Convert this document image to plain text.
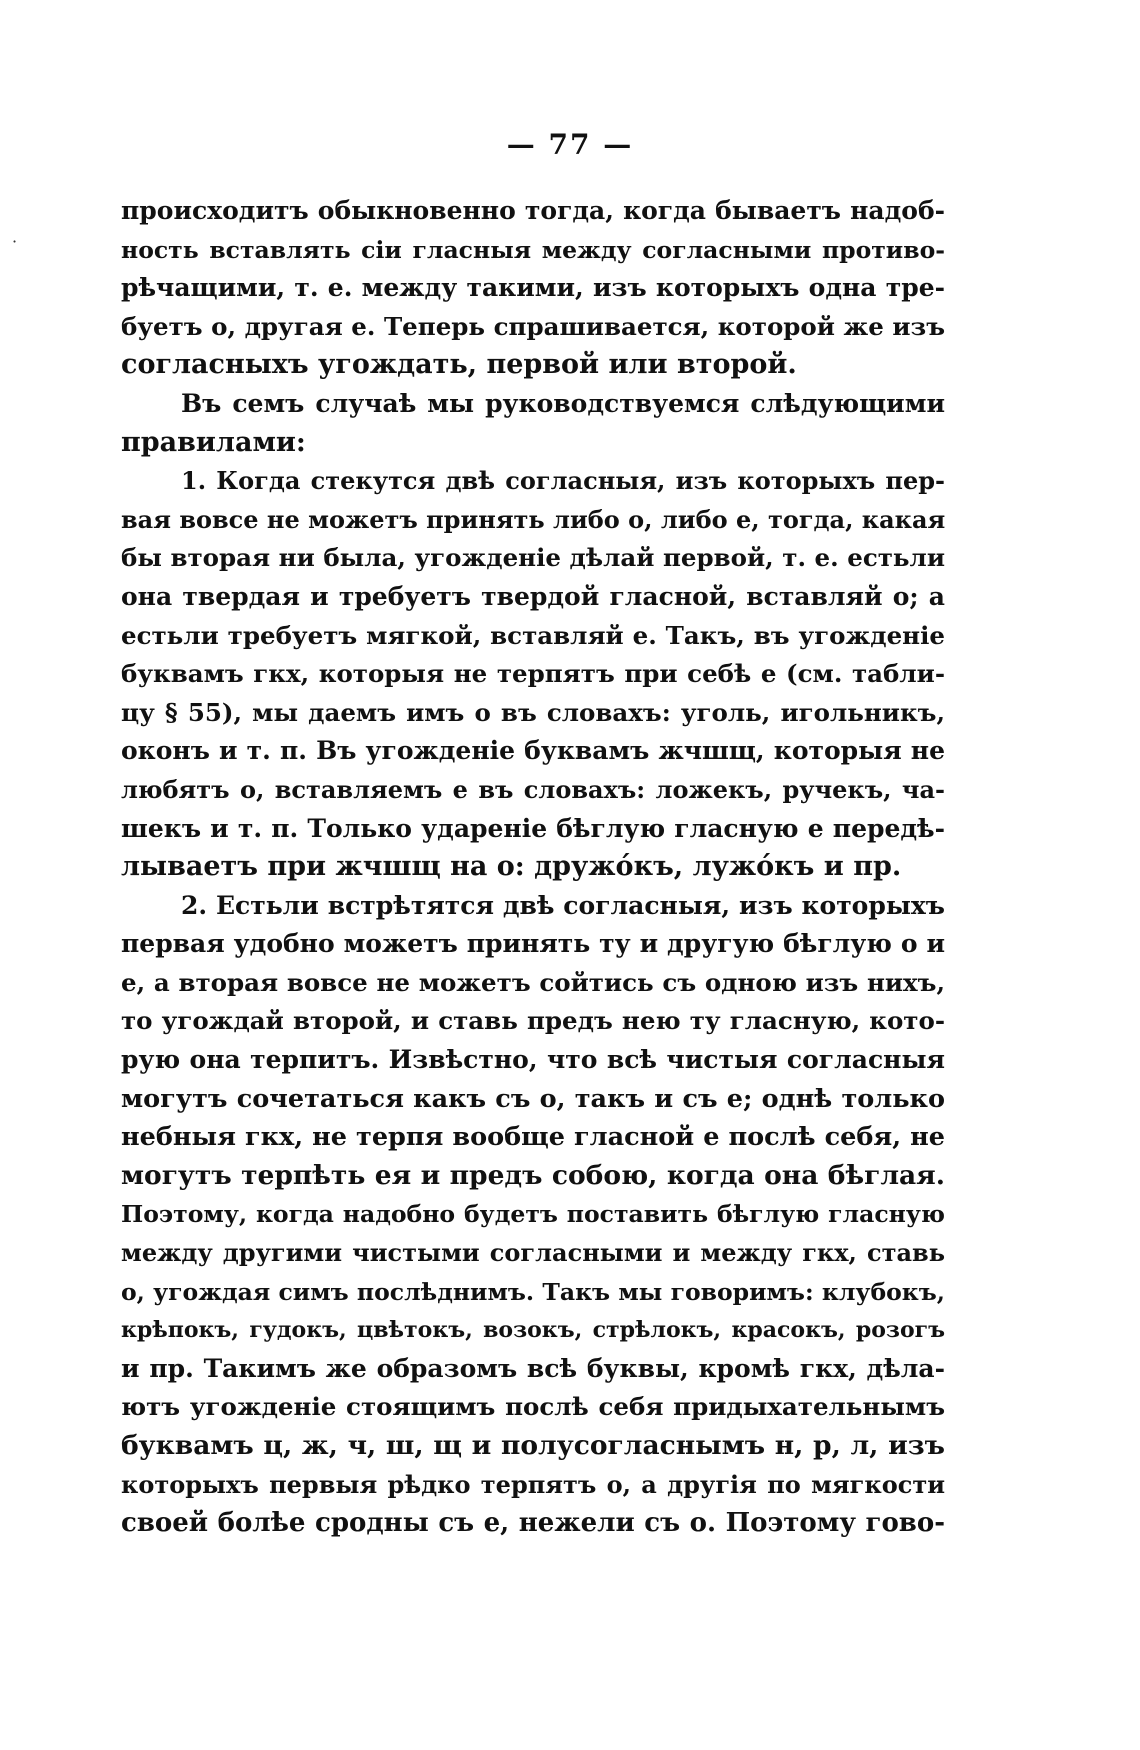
— 77 —
·
происходитъ обыкновенно тогда, когда бываетъ надоб-
ность вставлять сіи гласныя между согласными противо-
рѣчащими, т. е. между такими, изъ которыхъ одна тре-
буетъ о, другая е. Теперь спрашивается, которой же изъ
согласныхъ угождать, первой или второй.
Въ семъ случаѣ мы руководствуемся слѣдующими
правилами:
1. Когда стекутся двѣ согласныя, изъ которыхъ пер-
вая вовсе не можетъ принять либо о, либо е, тогда, какая
бы вторая ни была, угожденіе дѣлай первой, т. е. естьли
она твердая и требуетъ твердой гласной, вставляй о; а
естьли требуетъ мягкой, вставляй е. Такъ, въ угожденіе
буквамъ гкх, которыя не терпятъ при себѣ е (см. табли-
цу § 55), мы даемъ имъ о въ словахъ: уголь, игольникъ,
оконъ и т. п. Въ угожденіе буквамъ жчшщ, которыя не
любятъ о, вставляемъ е въ словахъ: ложекъ, ручекъ, ча-
шекъ и т. п. Только удареніе бѣглую гласную е передѣ-
лываетъ при жчшщ на о: дружо́къ, лужо́къ и пр.
2. Естьли встрѣтятся двѣ согласныя, изъ которыхъ
первая удобно можетъ принять ту и другую бѣглую о и
е, а вторая вовсе не можетъ сойтись съ одною изъ нихъ,
то угождай второй, и ставь предъ нею ту гласную, кото-
рую она терпитъ. Извѣстно, что всѣ чистыя согласныя
могутъ сочетаться какъ съ о, такъ и съ е; однѣ только
небныя гкх, не терпя вообще гласной е послѣ себя, не
могутъ терпѣть ея и предъ собою, когда она бѣглая.
Поэтому, когда надобно будетъ поставить бѣглую гласную
между другими чистыми согласными и между гкх, ставь
о, угождая симъ послѣднимъ. Такъ мы говоримъ: клубокъ,
крѣпокъ, гудокъ, цвѣтокъ, возокъ, стрѣлокъ, красокъ, розогъ
и пр. Такимъ же образомъ всѣ буквы, кромѣ гкх, дѣла-
ютъ угожденіе стоящимъ послѣ себя придыхательнымъ
буквамъ ц, ж, ч, ш, щ и полусогласнымъ н, р, л, изъ
которыхъ первыя рѣдко терпятъ о, а другія по мягкости
своей болѣе сродны съ е, нежели съ о. Поэтому гово-
